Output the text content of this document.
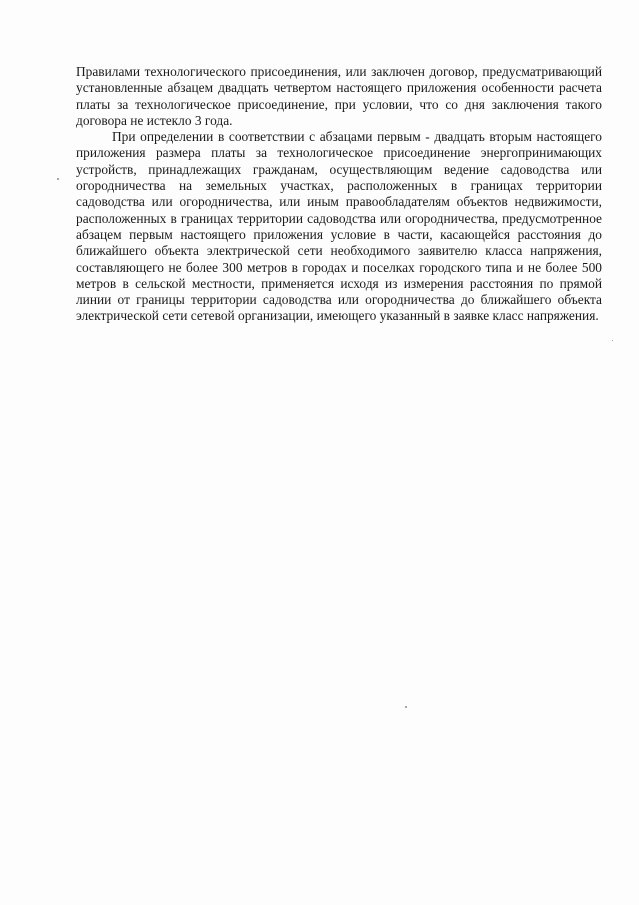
Правилами технологического присоединения, или заключен договор, предусматривающий установленные абзацем двадцать четвертом настоящего приложения особенности расчета платы за технологическое присоединение, при условии, что со дня заключения такого договора не истекло 3 года.

При определении в соответствии с абзацами первым - двадцать вторым настоящего приложения размера платы за технологическое присоединение энергопринимающих устройств, принадлежащих гражданам, осуществляющим ведение садоводства или огородничества на земельных участках, расположенных в границах территории садоводства или огородничества, или иным правообладателям объектов недвижимости, расположенных в границах территории садоводства или огородничества, предусмотренное абзацем первым настоящего приложения условие в части, касающейся расстояния до ближайшего объекта электрической сети необходимого заявителю класса напряжения, составляющего не более 300 метров в городах и поселках городского типа и не более 500 метров в сельской местности, применяется исходя из измерения расстояния по прямой линии от границы территории садоводства или огородничества до ближайшего объекта электрической сети сетевой организации, имеющего указанный в заявке класс напряжения.
